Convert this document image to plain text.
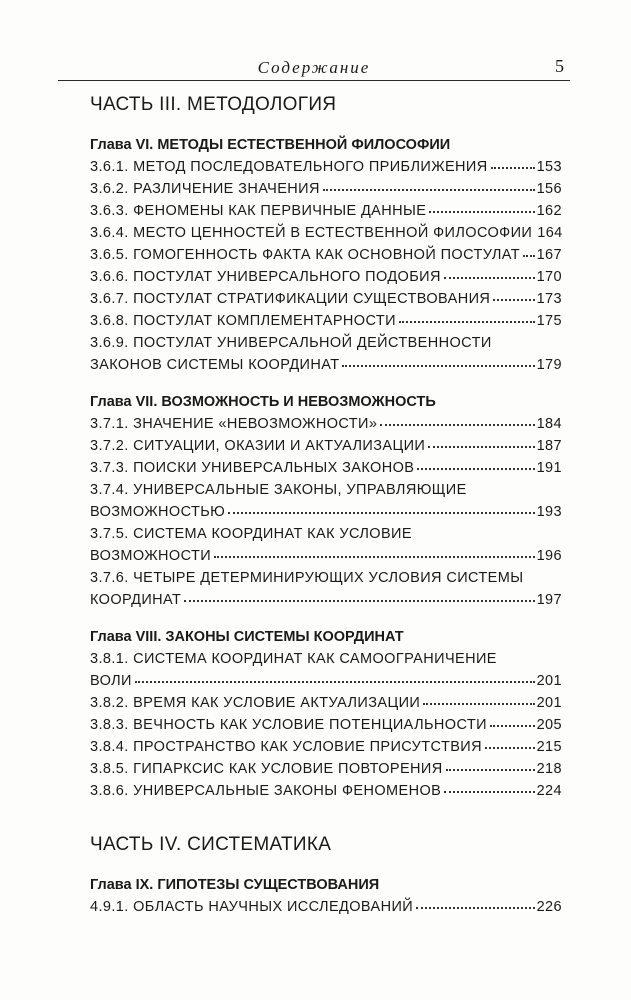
Содержание	5
ЧАСТЬ III. МЕТОДОЛОГИЯ
Глава VI. МЕТОДЫ ЕСТЕСТВЕННОЙ ФИЛОСОФИИ
3.6.1. МЕТОД ПОСЛЕДОВАТЕЛЬНОГО ПРИБЛИЖЕНИЯ	153
3.6.2. РАЗЛИЧЕНИЕ ЗНАЧЕНИЯ	156
3.6.3. ФЕНОМЕНЫ КАК ПЕРВИЧНЫЕ ДАННЫЕ	162
3.6.4. МЕСТО ЦЕННОСТЕЙ В ЕСТЕСТВЕННОЙ ФИЛОСОФИИ 164
3.6.5. ГОМОГЕННОСТЬ ФАКТА КАК ОСНОВНОЙ ПОСТУЛАТ 167
3.6.6. ПОСТУЛАТ УНИВЕРСАЛЬНОГО ПОДОБИЯ	170
3.6.7. ПОСТУЛАТ СТРАТИФИКАЦИИ СУЩЕСТВОВАНИЯ	173
3.6.8. ПОСТУЛАТ КОМПЛЕМЕНТАРНОСТИ	175
3.6.9. ПОСТУЛАТ УНИВЕРСАЛЬНОЙ ДЕЙСТВЕННОСТИ
ЗАКОНОВ СИСТЕМЫ КООРДИНАТ	179
Глава VII. ВОЗМОЖНОСТЬ И НЕВОЗМОЖНОСТЬ
3.7.1. ЗНАЧЕНИЕ «НЕВОЗМОЖНОСТИ»	184
3.7.2. СИТУАЦИИ, ОКАЗИИ И АКТУАЛИЗАЦИИ	187
3.7.3. ПОИСКИ УНИВЕРСАЛЬНЫХ ЗАКОНОВ	191
3.7.4. УНИВЕРСАЛЬНЫЕ ЗАКОНЫ, УПРАВЛЯЮЩИЕ
ВОЗМОЖНОСТЬЮ	193
3.7.5. СИСТЕМА КООРДИНАТ КАК УСЛОВИЕ
ВОЗМОЖНОСТИ	196
3.7.6. ЧЕТЫРЕ ДЕТЕРМИНИРУЮЩИХ УСЛОВИЯ СИСТЕМЫ
КООРДИНАТ	197
Глава VIII. ЗАКОНЫ СИСТЕМЫ КООРДИНАТ
3.8.1. СИСТЕМА КООРДИНАТ КАК САМООГРАНИЧЕНИЕ
ВОЛИ	201
3.8.2. ВРЕМЯ КАК УСЛОВИЕ АКТУАЛИЗАЦИИ	201
3.8.3. ВЕЧНОСТЬ КАК УСЛОВИЕ ПОТЕНЦИАЛЬНОСТИ	205
3.8.4. ПРОСТРАНСТВО КАК УСЛОВИЕ ПРИСУТСТВИЯ	215
3.8.5. ГИПАРКСИС КАК УСЛОВИЕ ПОВТОРЕНИЯ	218
3.8.6. УНИВЕРСАЛЬНЫЕ ЗАКОНЫ ФЕНОМЕНОВ	224
ЧАСТЬ IV. СИСТЕМАТИКА
Глава IX. ГИПОТЕЗЫ СУЩЕСТВОВАНИЯ
4.9.1. ОБЛАСТЬ НАУЧНЫХ ИССЛЕДОВАНИЙ	226
